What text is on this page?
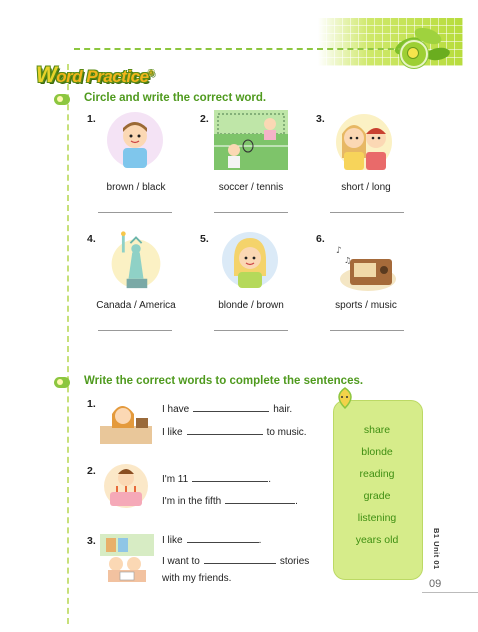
Word Practice®
Circle and write the correct word.
1.
brown / black
2.
soccer / tennis
3.
short / long
4.
Canada / America
5.
blonde / brown
6.
♪
♫
sports / music
Write the correct words to complete the sentences.
share
blonde
reading
grade
listening
years old
1.	I have	hair.
I like	to music.
2.
I'm 11	.
I'm in the fifth	.
3.	I like	.
I want to	stories
with my friends.
B1 Unit 01
09
